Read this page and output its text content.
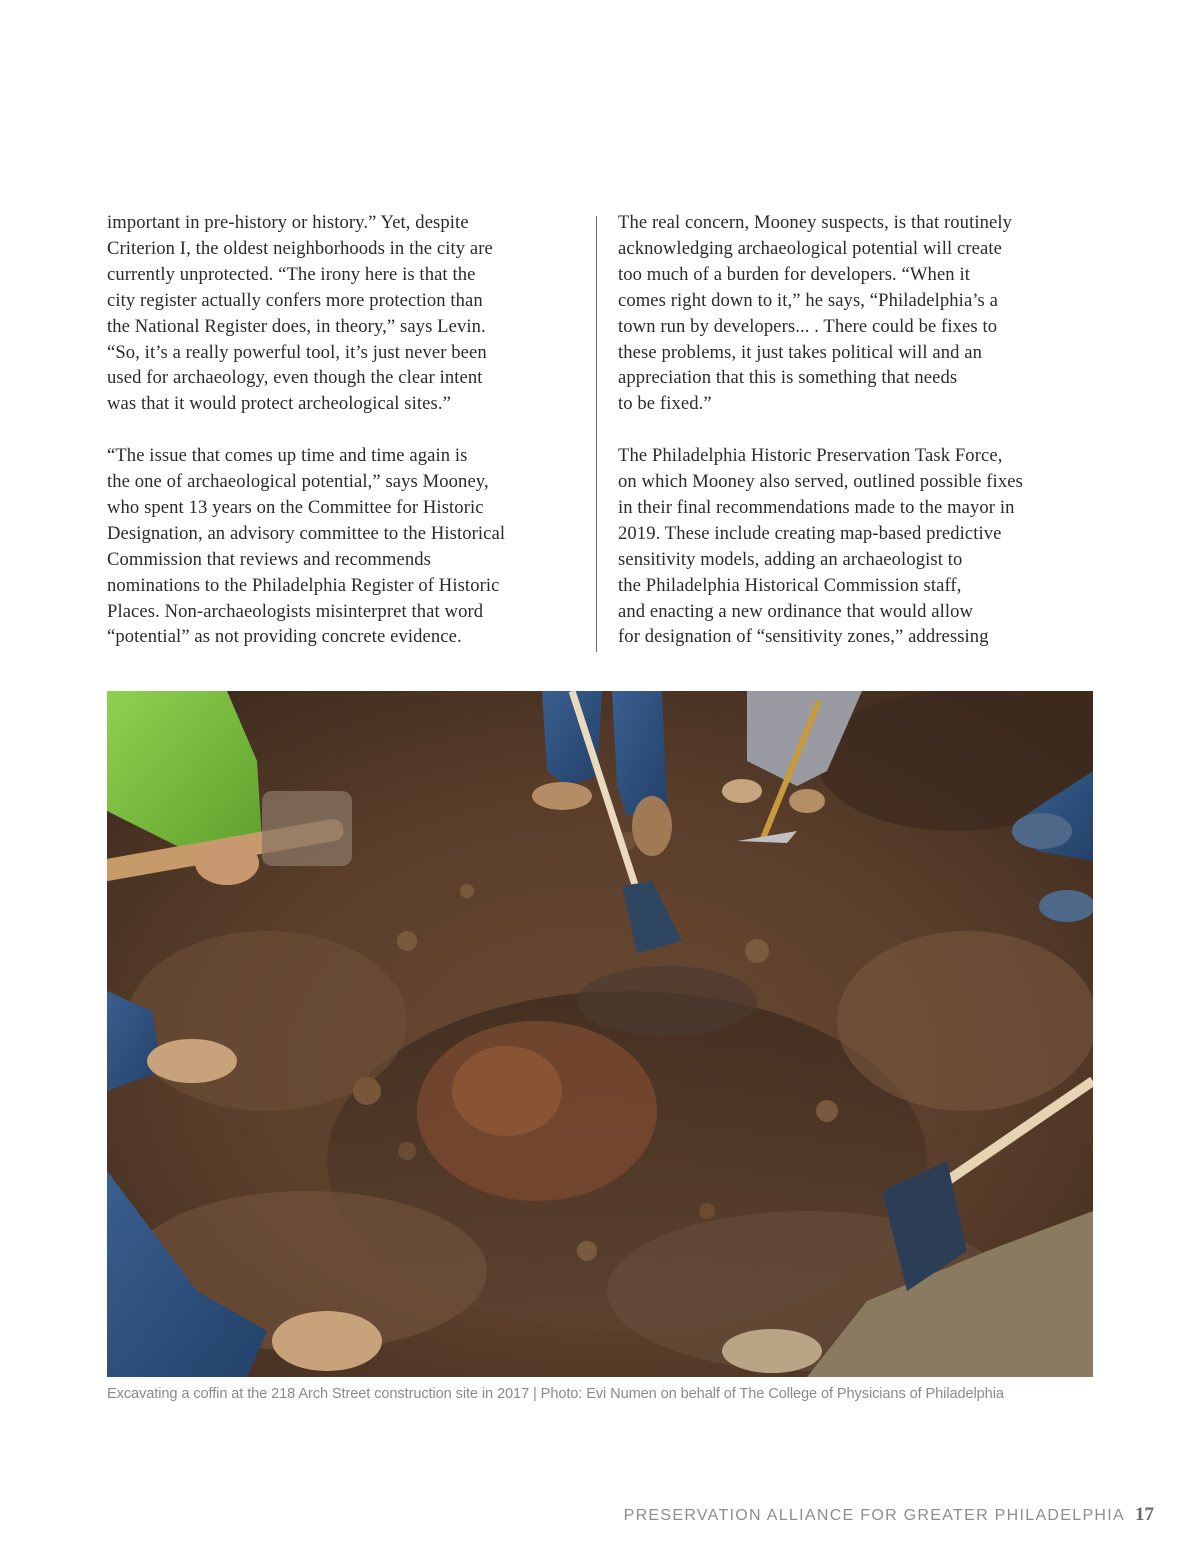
important in pre-history or history.” Yet, despite
Criterion I, the oldest neighborhoods in the city are
currently unprotected. “The irony here is that the
city register actually confers more protection than
the National Register does, in theory,” says Levin.
“So, it’s a really powerful tool, it’s just never been
used for archaeology, even though the clear intent
was that it would protect archeological sites.”

“The issue that comes up time and time again is
the one of archaeological potential,” says Mooney,
who spent 13 years on the Committee for Historic
Designation, an advisory committee to the Historical
Commission that reviews and recommends
nominations to the Philadelphia Register of Historic
Places. Non-archaeologists misinterpret that word
“potential” as not providing concrete evidence.

The real concern, Mooney suspects, is that routinely
acknowledging archaeological potential will create
too much of a burden for developers. “When it
comes right down to it,” he says, “Philadelphia’s a
town run by developers... . There could be fixes to
these problems, it just takes political will and an
appreciation that this is something that needs
to be fixed.”

The Philadelphia Historic Preservation Task Force,
on which Mooney also served, outlined possible fixes
in their final recommendations made to the mayor in
2019. These include creating map-based predictive
sensitivity models, adding an archaeologist to
the Philadelphia Historical Commission staff,
and enacting a new ordinance that would allow
for designation of “sensitivity zones,” addressing

Excavating a coffin at the 218 Arch Street construction site in 2017 | Photo: Evi Numen on behalf of The College of Physicians of Philadelphia
PRESERVATION ALLIANCE FOR GREATER PHILADELPHIA 17
